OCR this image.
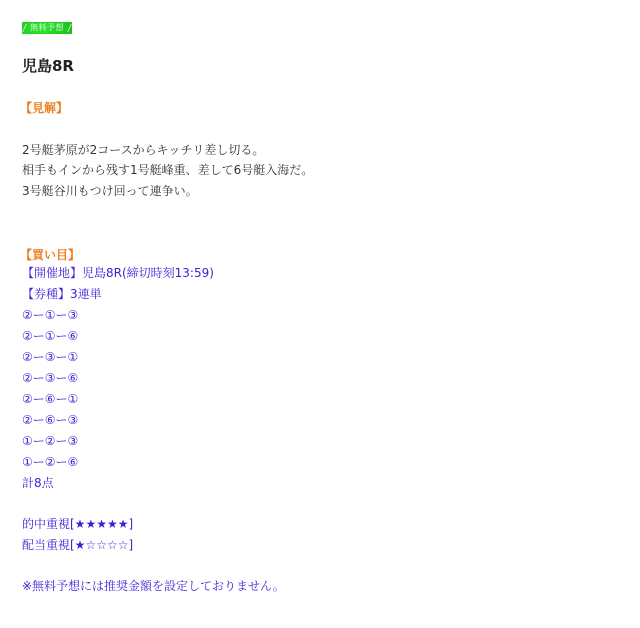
無料予想
児島8R
【見解】
2号艇茅原が2コースからキッチリ差し切る。
相手もインから残す1号艇峰重、差して6号艇入海だ。
3号艇谷川もつけ回って連争い。
【買い目】
【開催地】児島8R(締切時刻13:59)
【券種】3連単
②ー①ー③
②ー①ー⑥
②ー③ー①
②ー③ー⑥
②ー⑥ー①
②ー⑥ー③
①ー②ー③
①ー②ー⑥
計8点
的中重視[★★★★★]
配当重視[★☆☆☆☆]
※無料予想には推奨金額を設定しておりません。
